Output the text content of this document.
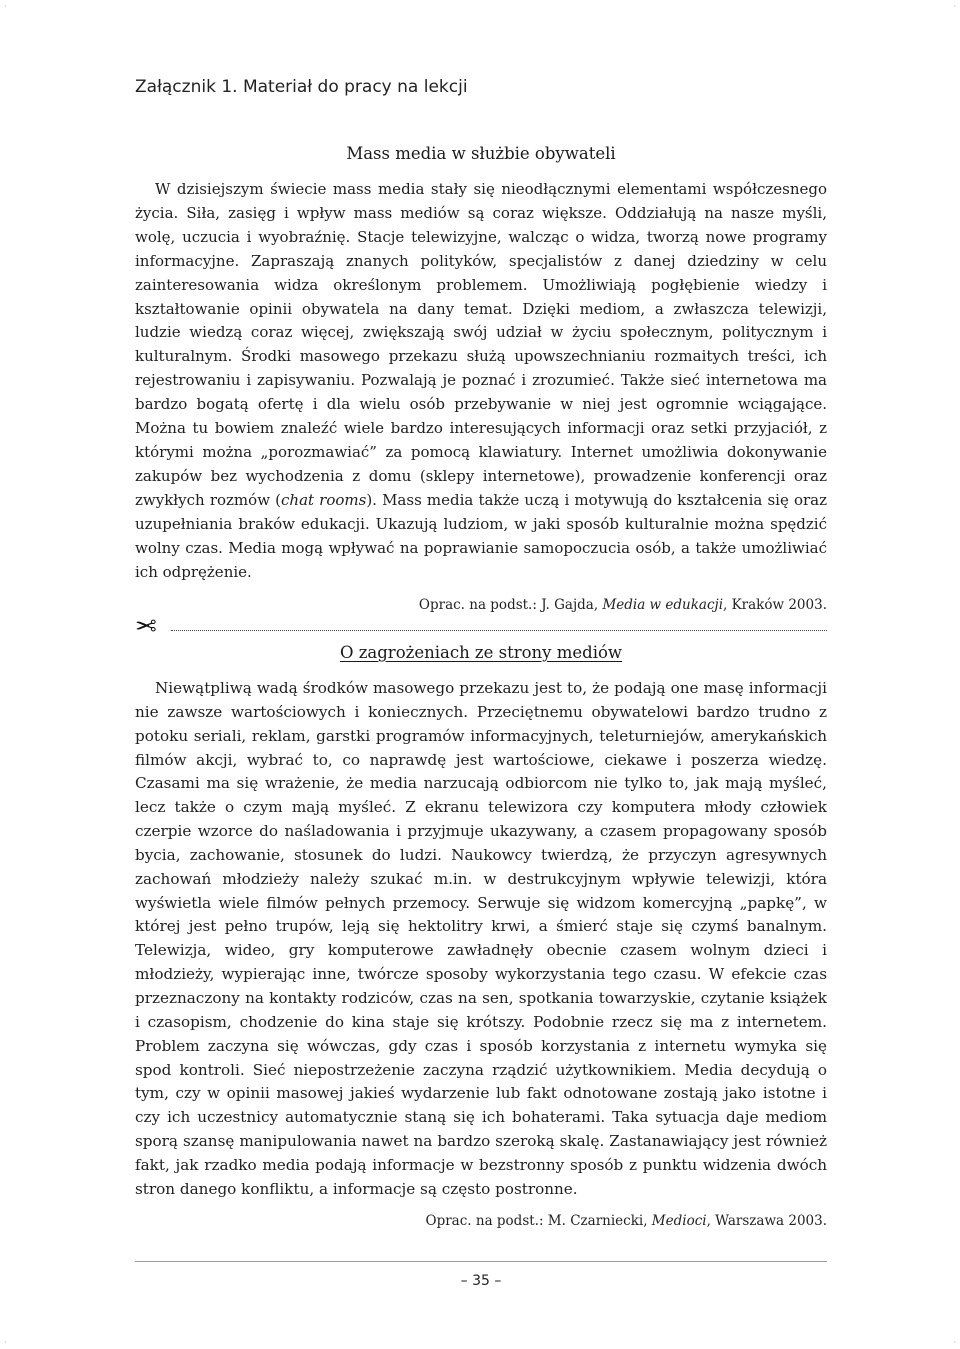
Załącznik 1. Materiał do pracy na lekcji

Mass media w służbie obywateli

W dzisiejszym świecie mass media stały się nieodłącznymi elementami współczesnego życia. Siła, zasięg i wpływ mass mediów są coraz większe. Oddziałują na nasze myśli, wolę, uczucia i wyobraźnię. Stacje telewizyjne, walcząc o widza, tworzą nowe programy informacyjne. Zapraszają znanych polityków, specjalistów z danej dziedziny w celu zainteresowania widza określonym problemem. Umożliwiają pogłębienie wiedzy i kształtowanie opinii obywatela na dany temat. Dzięki mediom, a zwłaszcza telewizji, ludzie wiedzą coraz więcej, zwiększają swój udział w życiu społecznym, politycznym i kulturalnym. Środki masowego przekazu służą upowszechnianiu rozmaitych treści, ich rejestrowaniu i zapisywaniu. Pozwalają je poznać i zrozumieć. Także sieć internetowa ma bardzo bogatą ofertę i dla wielu osób przebywanie w niej jest ogromnie wciągające. Można tu bowiem znaleźć wiele bardzo interesujących informacji oraz setki przyjaciół, z którymi można „porozmawiać” za pomocą klawiatury. Internet umożliwia dokonywanie zakupów bez wychodzenia z domu (sklepy internetowe), prowadzenie konferencji oraz zwykłych rozmów (chat rooms). Mass media także uczą i motywują do kształcenia się oraz uzupełniania braków edukacji. Ukazują ludziom, w jaki sposób kulturalnie można spędzić wolny czas. Media mogą wpływać na poprawianie samopoczucia osób, a także umożliwiać ich odprężenie.

Oprac. na podst.: J. Gajda, Media w edukacji, Kraków 2003.

✂
O zagrożeniach ze strony mediów

Niewątpliwą wadą środków masowego przekazu jest to, że podają one masę informacji nie zawsze wartościowych i koniecznych. Przeciętnemu obywatelowi bardzo trudno z potoku seriali, reklam, garstki programów informacyjnych, teleturniejów, amerykańskich filmów akcji, wybrać to, co naprawdę jest wartościowe, ciekawe i poszerza wiedzę. Czasami ma się wrażenie, że media narzucają odbiorcom nie tylko to, jak mają myśleć, lecz także o czym mają myśleć. Z ekranu telewizora czy komputera młody człowiek czerpie wzorce do naśladowania i przyjmuje ukazywany, a czasem propagowany sposób bycia, zachowanie, stosunek do ludzi. Naukowcy twierdzą, że przyczyn agresywnych zachowań młodzieży należy szukać m.in. w destrukcyjnym wpływie telewizji, która wyświetla wiele filmów pełnych przemocy. Serwuje się widzom komercyjną „papkę”, w której jest pełno trupów, leją się hektolitry krwi, a śmierć staje się czymś banalnym. Telewizja, wideo, gry komputerowe zawładnęły obecnie czasem wolnym dzieci i młodzieży, wypierając inne, twórcze sposoby wykorzystania tego czasu. W efekcie czas przeznaczony na kontakty rodziców, czas na sen, spotkania towarzyskie, czytanie książek i czasopism, chodzenie do kina staje się krótszy. Podobnie rzecz się ma z internetem. Problem zaczyna się wówczas, gdy czas i sposób korzystania z internetu wymyka się spod kontroli. Sieć niepostrzeżenie zaczyna rządzić użytkownikiem. Media decydują o tym, czy w opinii masowej jakieś wydarzenie lub fakt odnotowane zostają jako istotne i czy ich uczestnicy automatycznie staną się ich bohaterami. Taka sytuacja daje mediom sporą szansę manipulowania nawet na bardzo szeroką skalę. Zastanawiający jest również fakt, jak rzadko media podają informacje w bezstronny sposób z punktu widzenia dwóch stron danego konfliktu, a informacje są często postronne.

Oprac. na podst.: M. Czarniecki, Medioci, Warszawa 2003.

– 35 –
·	·
·	·
